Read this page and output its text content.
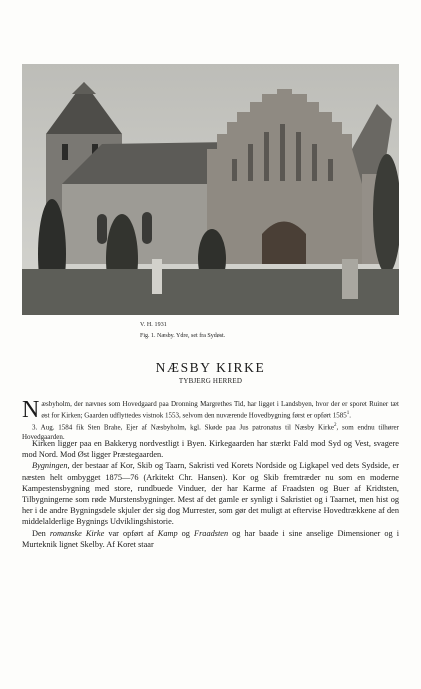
V. H. 1931
Fig. 1. Næsby. Ydre, set fra Sydøst.
NÆSBY KIRKE
TYBJERG HERRED

Næsbyholm, der nævnes som Hovedgaard paa Dronning Margrethes Tid, har ligget i Landsbyen, hvor der er sporet Ruiner tæt øst for Kirken; Gaarden udflyttedes vistnok 1553, selvom den nuværende Hovedbygning først er opført 1585$^1$.

3. Aug. 1584 fik Sten Brahe, Ejer af Næsbyholm, kgl. Skøde paa Jus patronatus til Næsby Kirke$^2$, som endnu tilhører Hovedgaarden.

Kirken ligger paa en Bakkeryg nordvestligt i Byen. Kirkegaarden har stærkt Fald mod Syd og Vest, svagere mod Nord. Mod Øst ligger Præstegaarden.

Bygningen, der bestaar af Kor, Skib og Taarn, Sakristi ved Korets Nordside og Ligkapel ved dets Sydside, er næsten helt ombygget 1875—76 (Arkitekt Chr. Hansen). Kor og Skib fremtræder nu som en moderne Kampestensbygning med store, rundbuede Vinduer, der har Karme af Fraadsten og Buer af Kridtsten, Tilbygningerne som røde Murstensbygninger. Mest af det gamle er synligt i Sakristiet og i Taarnet, men hist og her i de andre Bygningsdele skjuler der sig dog Murrester, som gør det muligt at eftervise Hovedtrækkene af den middelalderlige Bygnings Udviklingshistorie.

Den romanske Kirke var opført af Kamp og Fraadsten og har baade i sine anselige Dimensioner og i Murteknik lignet Skelby. Af Koret staar
